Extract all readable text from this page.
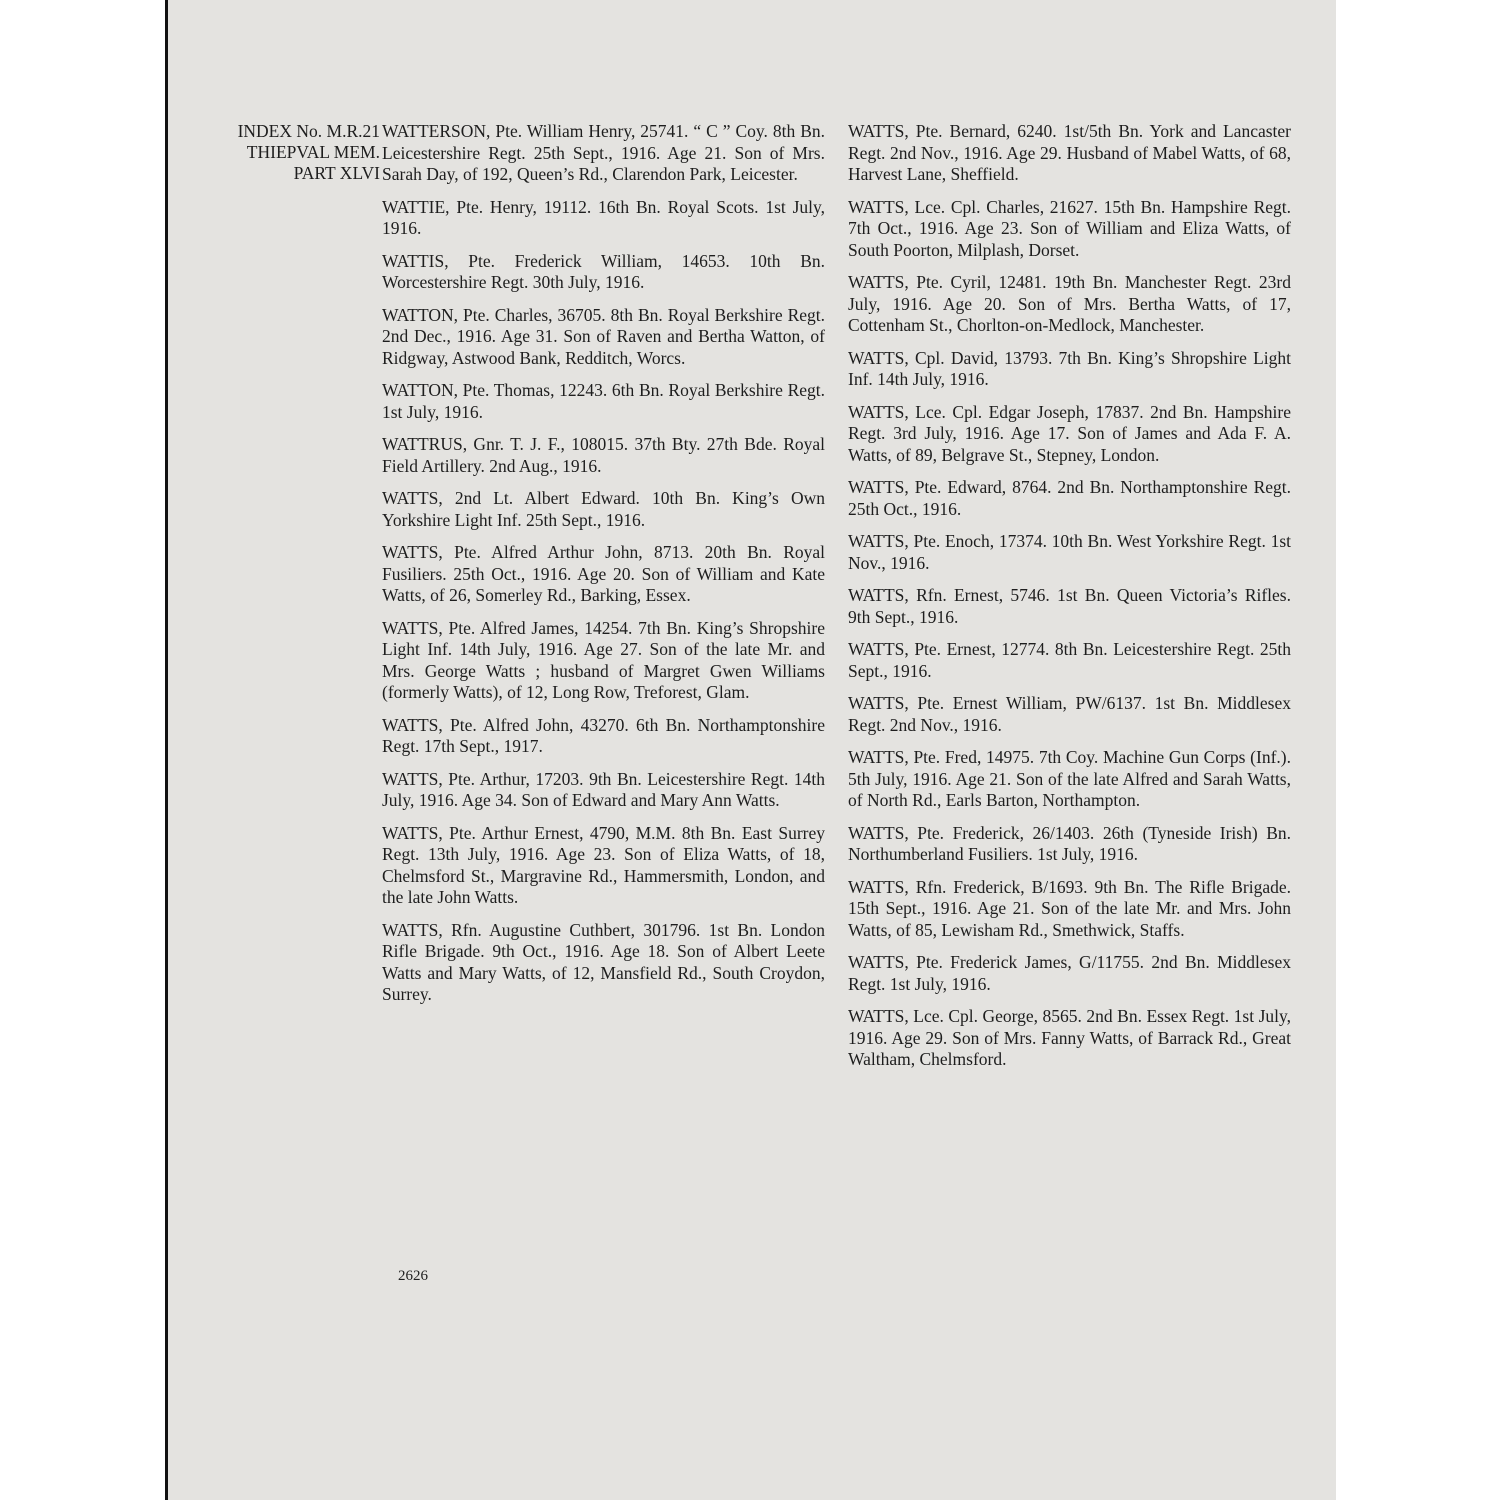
INDEX No. M.R.21
THIEPVAL MEM.
PART XLVI

WATTERSON, Pte. William Henry, 25741. “ C ” Coy. 8th Bn. Leicestershire Regt. 25th Sept., 1916. Age 21. Son of Mrs. Sarah Day, of 192, Queen’s Rd., Clarendon Park, Leicester.

WATTIE, Pte. Henry, 19112. 16th Bn. Royal Scots. 1st July, 1916.

WATTIS, Pte. Frederick William, 14653. 10th Bn. Worcestershire Regt. 30th July, 1916.

WATTON, Pte. Charles, 36705. 8th Bn. Royal Berkshire Regt. 2nd Dec., 1916. Age 31. Son of Raven and Bertha Watton, of Ridgway, Astwood Bank, Redditch, Worcs.

WATTON, Pte. Thomas, 12243. 6th Bn. Royal Berkshire Regt. 1st July, 1916.

WATTRUS, Gnr. T. J. F., 108015. 37th Bty. 27th Bde. Royal Field Artillery. 2nd Aug., 1916.

WATTS, 2nd Lt. Albert Edward. 10th Bn. King’s Own Yorkshire Light Inf. 25th Sept., 1916.

WATTS, Pte. Alfred Arthur John, 8713. 20th Bn. Royal Fusiliers. 25th Oct., 1916. Age 20. Son of William and Kate Watts, of 26, Somerley Rd., Barking, Essex.

WATTS, Pte. Alfred James, 14254. 7th Bn. King’s Shropshire Light Inf. 14th July, 1916. Age 27. Son of the late Mr. and Mrs. George Watts ; husband of Margret Gwen Williams (formerly Watts), of 12, Long Row, Treforest, Glam.

WATTS, Pte. Alfred John, 43270. 6th Bn. Northamptonshire Regt. 17th Sept., 1917.

WATTS, Pte. Arthur, 17203. 9th Bn. Leicestershire Regt. 14th July, 1916. Age 34. Son of Edward and Mary Ann Watts.

WATTS, Pte. Arthur Ernest, 4790, M.M. 8th Bn. East Surrey Regt. 13th July, 1916. Age 23. Son of Eliza Watts, of 18, Chelmsford St., Margravine Rd., Hammersmith, London, and the late John Watts.

WATTS, Rfn. Augustine Cuthbert, 301796. 1st Bn. London Rifle Brigade. 9th Oct., 1916. Age 18. Son of Albert Leete Watts and Mary Watts, of 12, Mansfield Rd., South Croydon, Surrey.

WATTS, Pte. Bernard, 6240. 1st/5th Bn. York and Lancaster Regt. 2nd Nov., 1916. Age 29. Husband of Mabel Watts, of 68, Harvest Lane, Sheffield.

WATTS, Lce. Cpl. Charles, 21627. 15th Bn. Hampshire Regt. 7th Oct., 1916. Age 23. Son of William and Eliza Watts, of South Poorton, Milplash, Dorset.

WATTS, Pte. Cyril, 12481. 19th Bn. Manchester Regt. 23rd July, 1916. Age 20. Son of Mrs. Bertha Watts, of 17, Cottenham St., Chorlton-on-Medlock, Manchester.

WATTS, Cpl. David, 13793. 7th Bn. King’s Shropshire Light Inf. 14th July, 1916.

WATTS, Lce. Cpl. Edgar Joseph, 17837. 2nd Bn. Hampshire Regt. 3rd July, 1916. Age 17. Son of James and Ada F. A. Watts, of 89, Belgrave St., Stepney, London.

WATTS, Pte. Edward, 8764. 2nd Bn. Northamptonshire Regt. 25th Oct., 1916.

WATTS, Pte. Enoch, 17374. 10th Bn. West Yorkshire Regt. 1st Nov., 1916.

WATTS, Rfn. Ernest, 5746. 1st Bn. Queen Victoria’s Rifles. 9th Sept., 1916.

WATTS, Pte. Ernest, 12774. 8th Bn. Leicestershire Regt. 25th Sept., 1916.

WATTS, Pte. Ernest William, PW/6137. 1st Bn. Middlesex Regt. 2nd Nov., 1916.

WATTS, Pte. Fred, 14975. 7th Coy. Machine Gun Corps (Inf.). 5th July, 1916. Age 21. Son of the late Alfred and Sarah Watts, of North Rd., Earls Barton, Northampton.

WATTS, Pte. Frederick, 26/1403. 26th (Tyneside Irish) Bn. Northumberland Fusiliers. 1st July, 1916.

WATTS, Rfn. Frederick, B/1693. 9th Bn. The Rifle Brigade. 15th Sept., 1916. Age 21. Son of the late Mr. and Mrs. John Watts, of 85, Lewisham Rd., Smethwick, Staffs.

WATTS, Pte. Frederick James, G/11755. 2nd Bn. Middlesex Regt. 1st July, 1916.

WATTS, Lce. Cpl. George, 8565. 2nd Bn. Essex Regt. 1st July, 1916. Age 29. Son of Mrs. Fanny Watts, of Barrack Rd., Great Waltham, Chelmsford.

2626
